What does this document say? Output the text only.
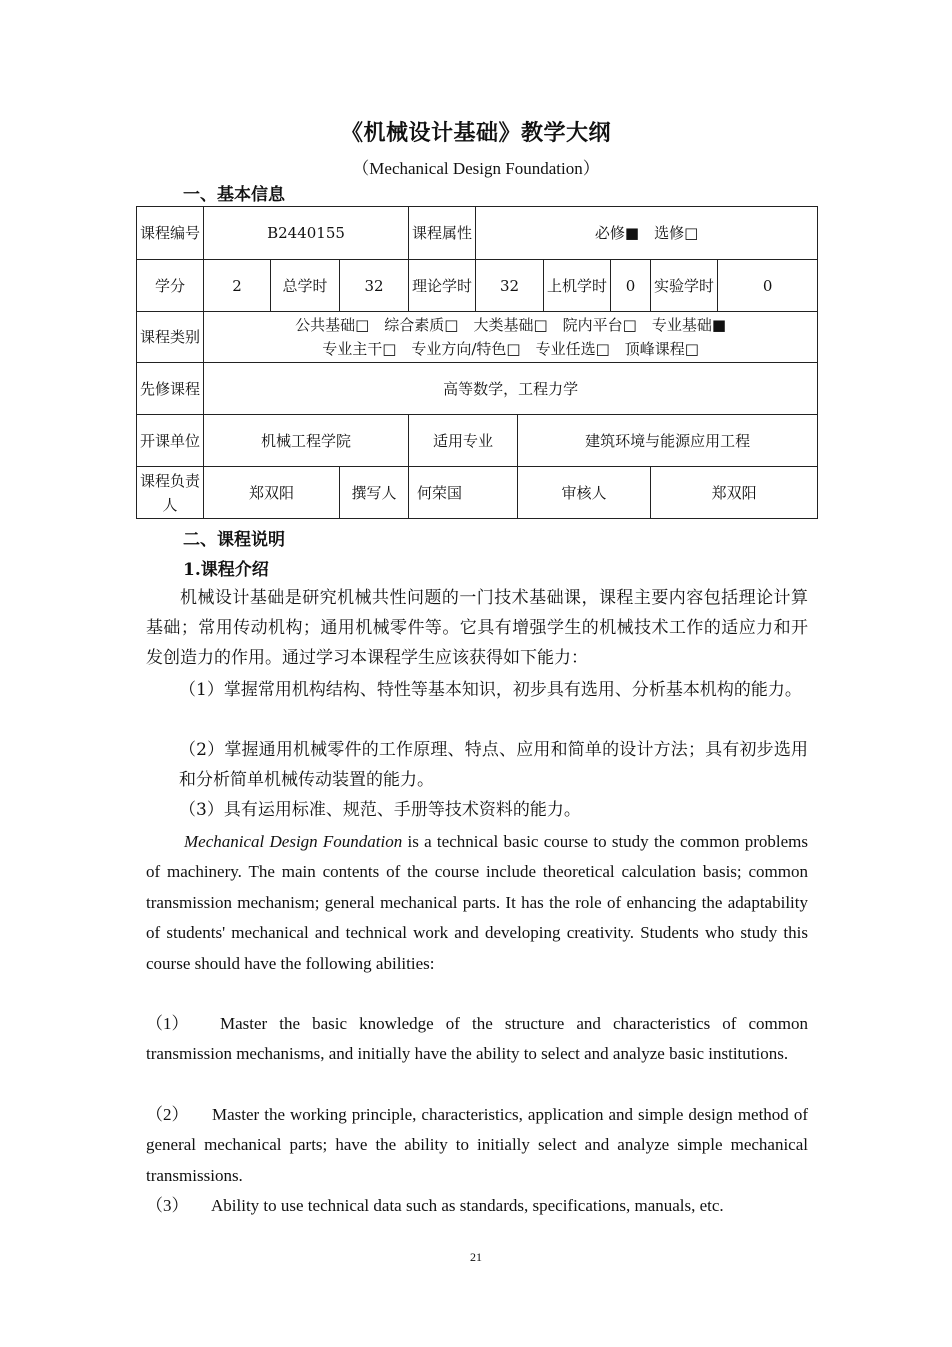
《机械设计基础》教学大纲
（Mechanical Design Foundation）
一、基本信息
课程编号	B2440155			课程属性	必修■　选修□					
学分	2	总学时	32	理论学时	32		上机学时	0	实验学时	0
课程类别	公共基础□　综合素质□　大类基础□　院内平台□　专业基础■
专业主干□　专业方向/特色□　专业任选□　顶峰课程□									

先修课程	高等数学，工程力学									
开课单位	机械工程学院			适用专业		建筑环境与能源应用工程				
课程负责人	郑双阳		撰写人	何荣国		审核人			郑双阳	
二、课程说明
1.课程介绍
机械设计基础是研究机械共性问题的一门技术基础课，课程主要内容包括理论计算基础；常用传动机构；通用机械零件等。它具有增强学生的机械技术工作的适应力和开发创造力的作用。通过学习本课程学生应该获得如下能力：
（1）掌握常用机构结构、特性等基本知识，初步具有选用、分析基本机构的能力。
（2）掌握通用机械零件的工作原理、特点、应用和简单的设计方法；具有初步选用和分析简单机械传动装置的能力。
（3）具有运用标准、规范、手册等技术资料的能力。
Mechanical Design Foundation is a technical basic course to study the common problems of machinery. The main contents of the course include theoretical calculation basis; common transmission mechanism; general mechanical parts. It has the role of enhancing the adaptability of students' mechanical and technical work and developing creativity. Students who study this course should have the following abilities:
（1） Master the basic knowledge of the structure and characteristics of common transmission mechanisms, and initially have the ability to select and analyze basic institutions.
（2） Master the working principle, characteristics, application and simple design method of general mechanical parts; have the ability to initially select and analyze simple mechanical transmissions.
（3） Ability to use technical data such as standards, specifications, manuals, etc.
21
